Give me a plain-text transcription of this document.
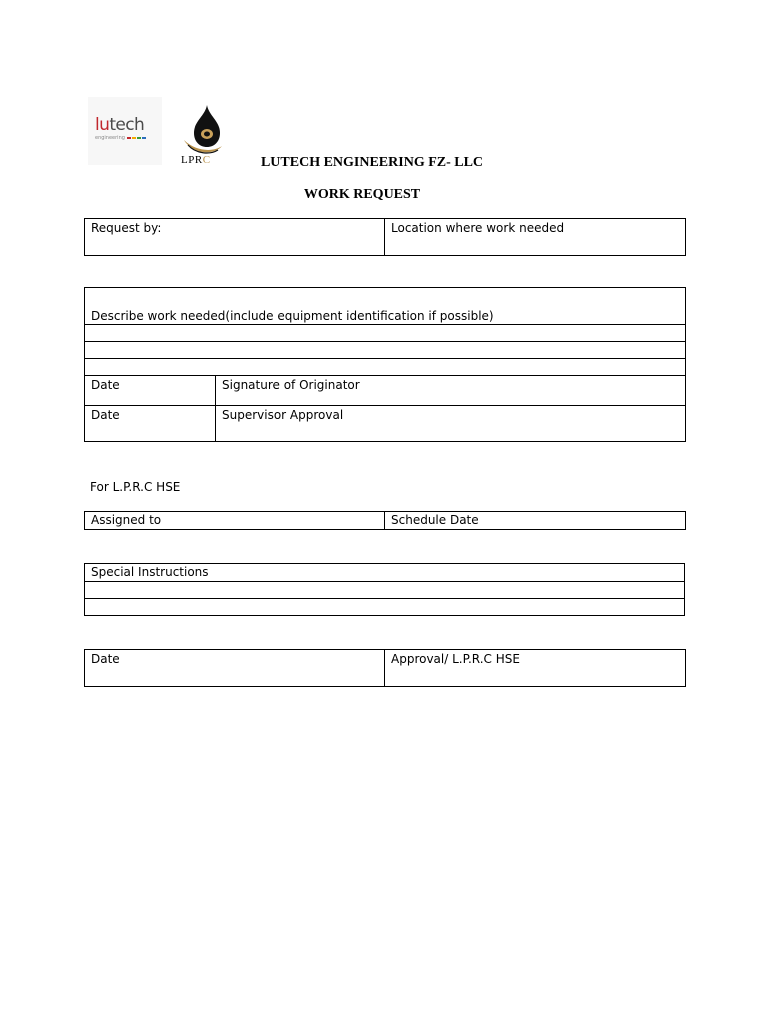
lutech
engineering
LPRC	LUTECH ENGINEERING FZ- LLC
WORK REQUEST
Request by:	Location where work needed
Describe work needed(include equipment identification if possible)	

Date	Signature of Originator
Date	Supervisor Approval
For L.P.R.C HSE
Assigned to	Schedule Date
Special Instructions

Date	Approval/ L.P.R.C HSE
